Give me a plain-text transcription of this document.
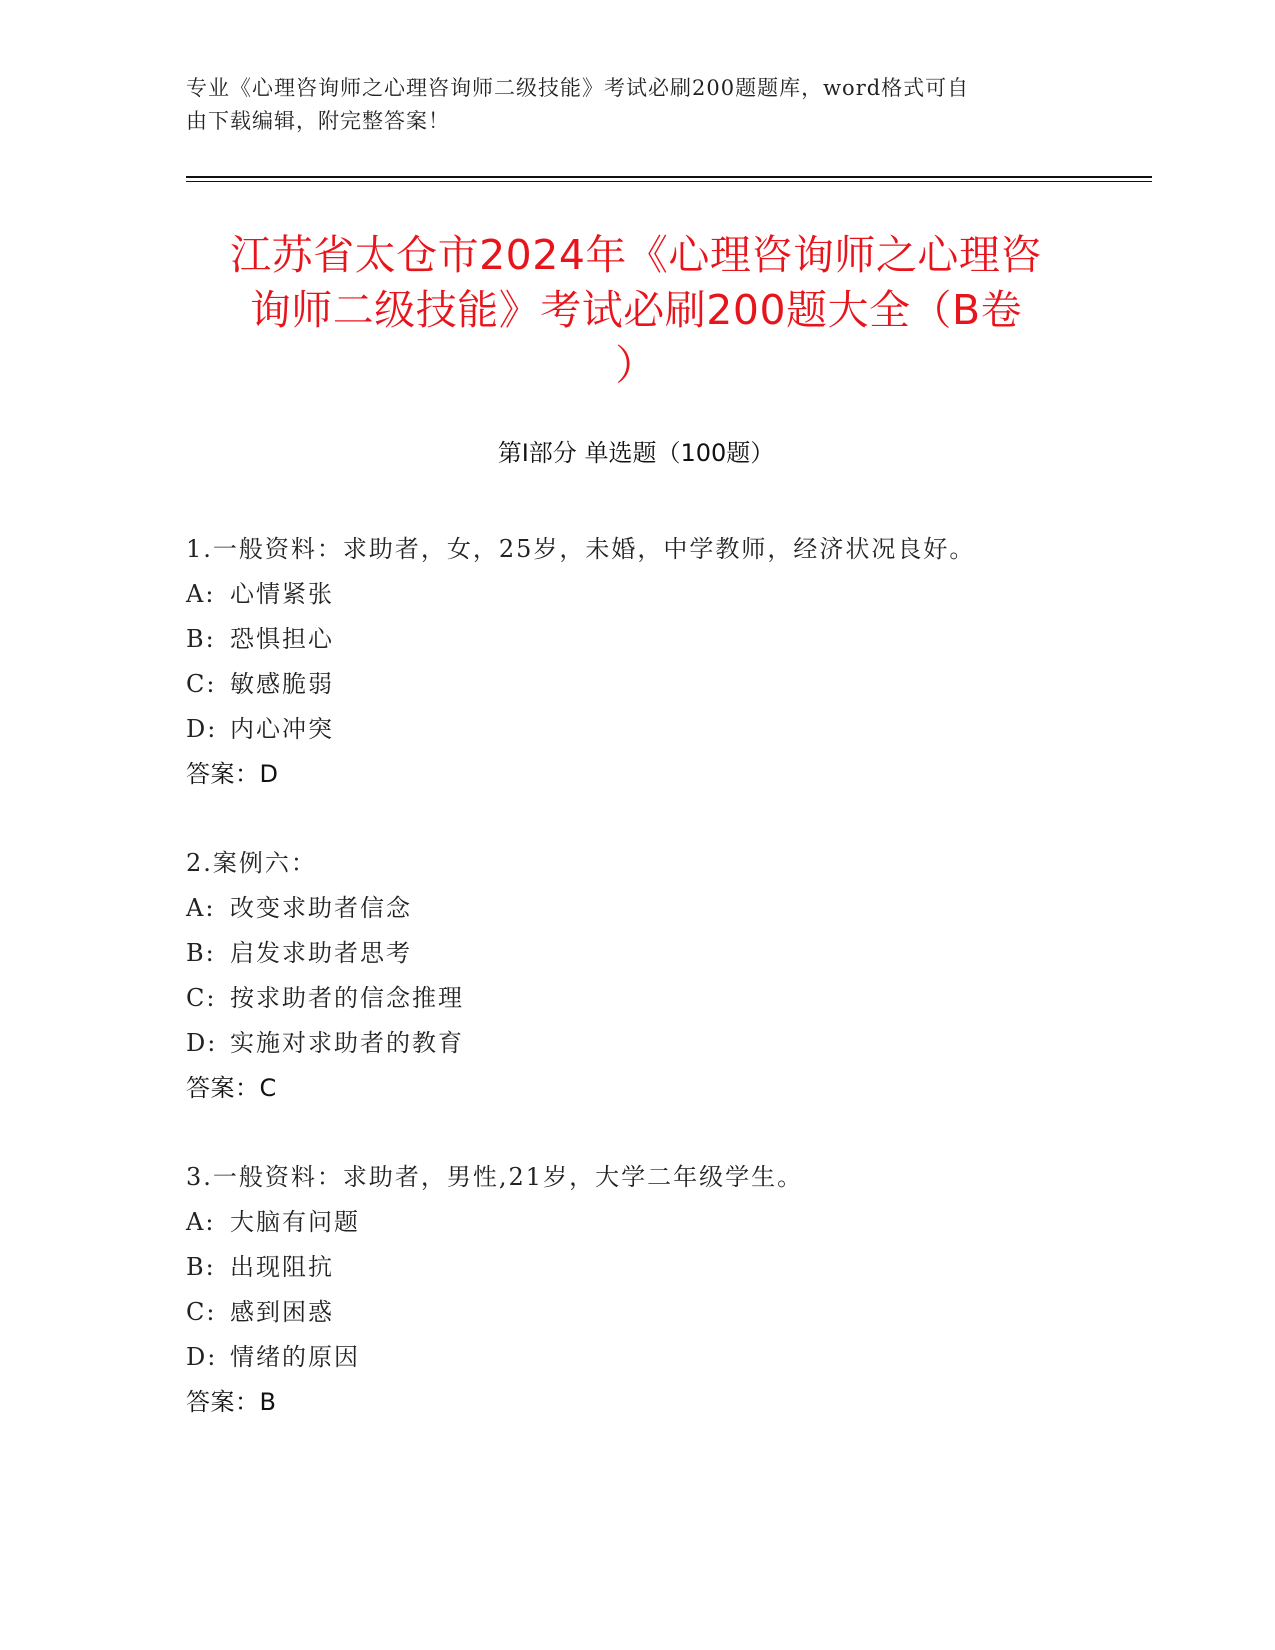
专业《心理咨询师之心理咨询师二级技能》考试必刷200题题库，word格式可自
由下载编辑，附完整答案！
江苏省太仓市2024年《心理咨询师之心理咨
询师二级技能》考试必刷200题大全（B卷
）
第Ⅰ部分 单选题（100题）
1.一般资料：求助者，女，25岁，未婚，中学教师，经济状况良好。
A: 心情紧张
B: 恐惧担心
C: 敏感脆弱
D: 内心冲突
答案：D
2.案例六：
A: 改变求助者信念
B: 启发求助者思考
C: 按求助者的信念推理
D: 实施对求助者的教育
答案：C
3.一般资料：求助者，男性,21岁，大学二年级学生。
A: 大脑有问题
B: 出现阻抗
C: 感到困惑
D: 情绪的原因
答案：B
